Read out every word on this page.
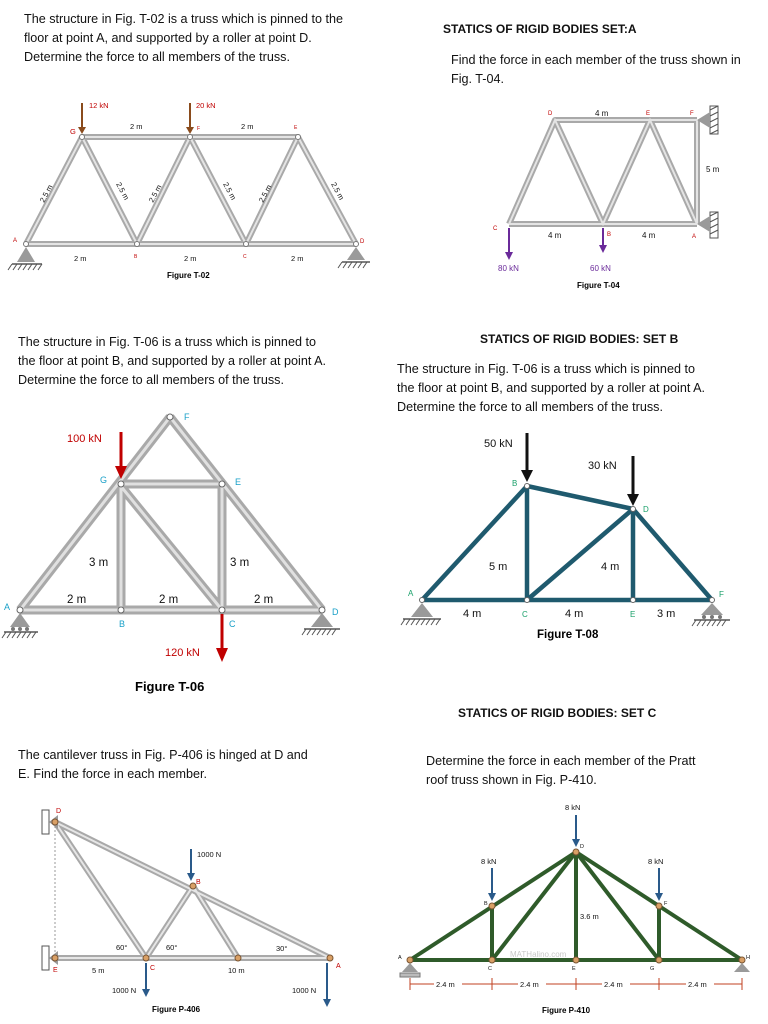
The structure in Fig. T-02 is a truss which is pinned to the floor at point A, and supported by a roller at point D. Determine the force to all members of the truss.
STATICS OF RIGID BODIES SET:A
Find the force in each member of the truss shown in Fig. T-04.
The structure in Fig. T-06 is a truss which is pinned to the floor at point B, and supported by a roller at point A. Determine the force to all members of the truss.
STATICS OF RIGID BODIES: SET B
The structure in Fig. T-06 is a truss which is pinned to the floor at point B, and supported by a roller at point A. Determine the force to all members of the truss.
STATICS OF RIGID BODIES: SET C
The cantilever truss in Fig. P-406 is hinged at D and E. Find the force in each member.
Determine the force in each member of the Pratt roof truss shown in Fig. P-410.
12 kN	20 kN
G	F	E
A
B	C
D
2 m	2 m
2 m	2 m	2 m
2.5 m	2.5 m 2.5 m	2.5 m	2.5 m	2.5 m
Figure T-02
80 kN	60 kN
D	E	F
C
B	A
4 m
5 m
4 m	4 m
Figure T-04
100 kN
120 kN
G
F
E
A
B	C
D
3 m	3 m
2 m	2 m	2 m
Figure T-06
50 kN
30 kN
5 m	4 m
4 m	4 m	3 m
B
D
A
C	E
F
Figure T-08
1000 N
1000 N	1000 N
60°	60°	30°
5 m	10 m
D
E	C
B
A
Figure P-406
MATHalino.com
8 kN
8 kN	8 kN
3.6 m
2.4 m	2.4 m	2.4 m	2.4 m
A
B
C
D
E
F
G
H
Figure P-410
